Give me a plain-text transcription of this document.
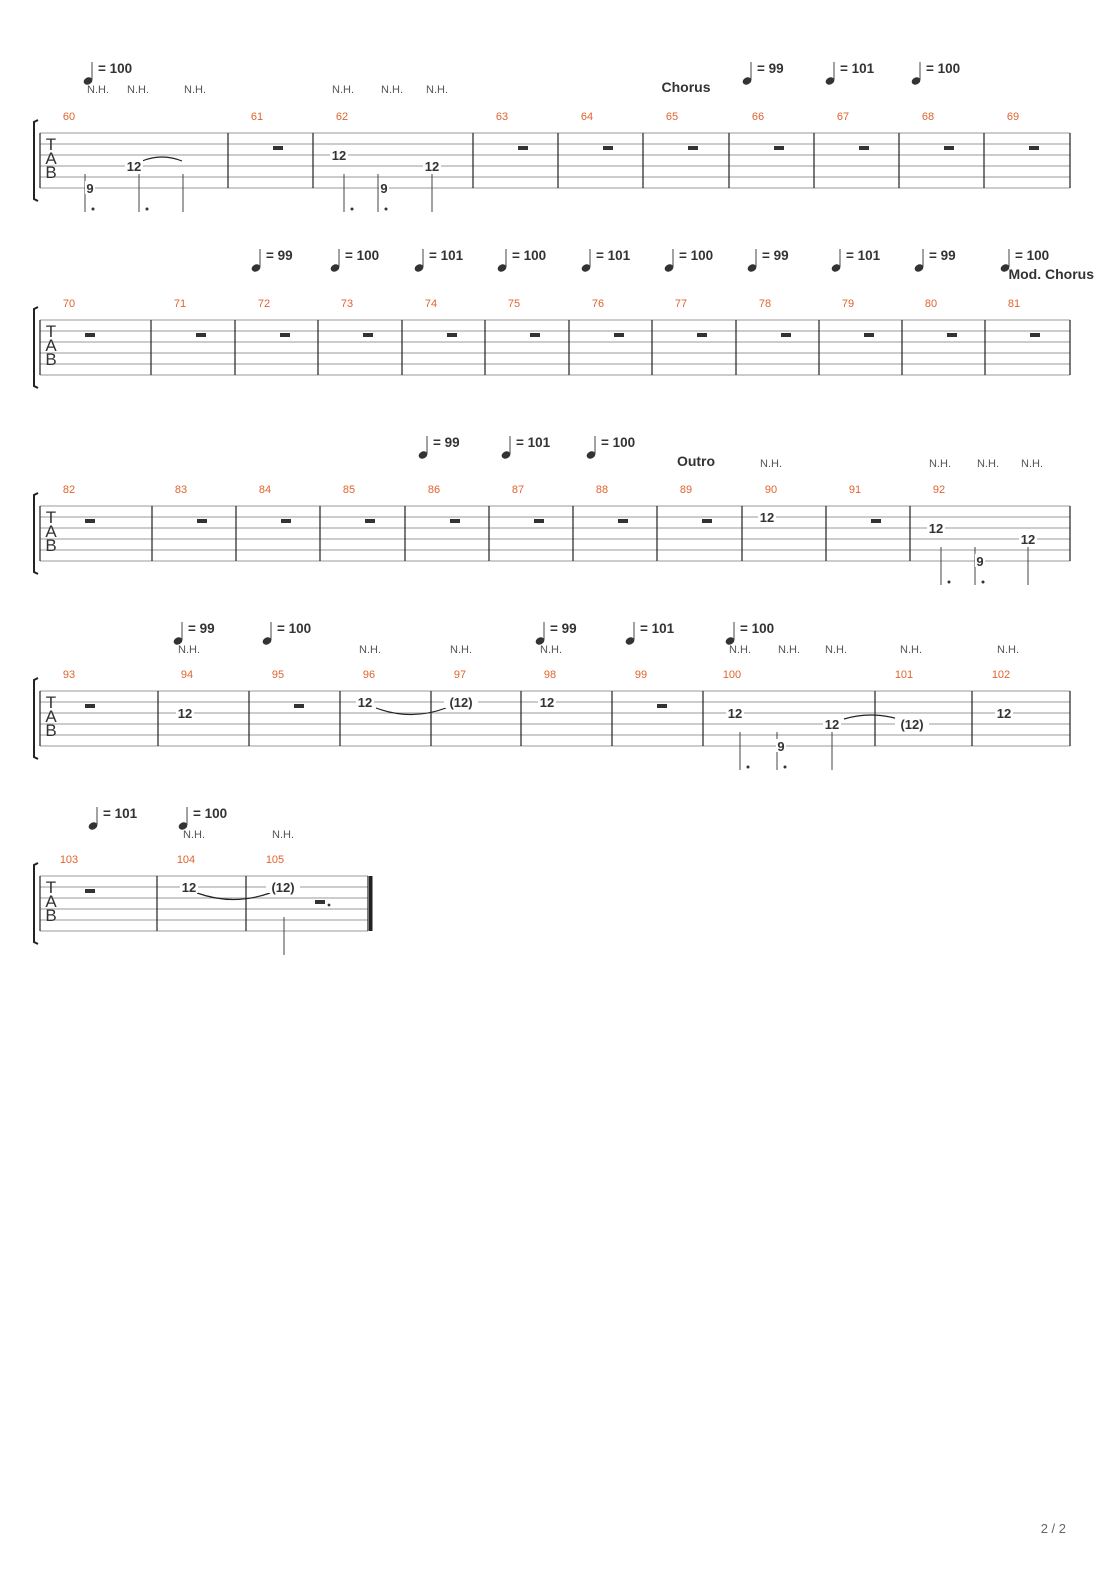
T
A
B
60	61	62	63	64	65	66	67	68	69
9
12
12
9
12
N.H. N.H.	N.H.	N.H. N.H. N.H.
= 100	= 99	= 101	= 100
Chorus
T
A
B
70	71	72	73	74	75	76	77	78	79	80	81
= 99	= 100	= 101	= 100	= 101	= 100	= 99	= 101	= 99	= 100
Mod. Chorus
T
A
B
82	83	84	85	86	87	88	89	90	91	92
12
12
9
12
N.H.	N.H. N.H. N.H.
= 99	= 101	= 100
Outro
T
A
B
93	94	95	96	97	98	99	100	101	102
12
12	(12)	12
12
9
12	(12)
12
N.H.	N.H.	N.H.	N.H.	N.H. N.H. N.H.	N.H.	N.H.
= 99	= 100	= 99	= 101	= 100
T
A
B
103	104	105
12	(12)
N.H.	N.H.
= 101	= 100
2 / 2
